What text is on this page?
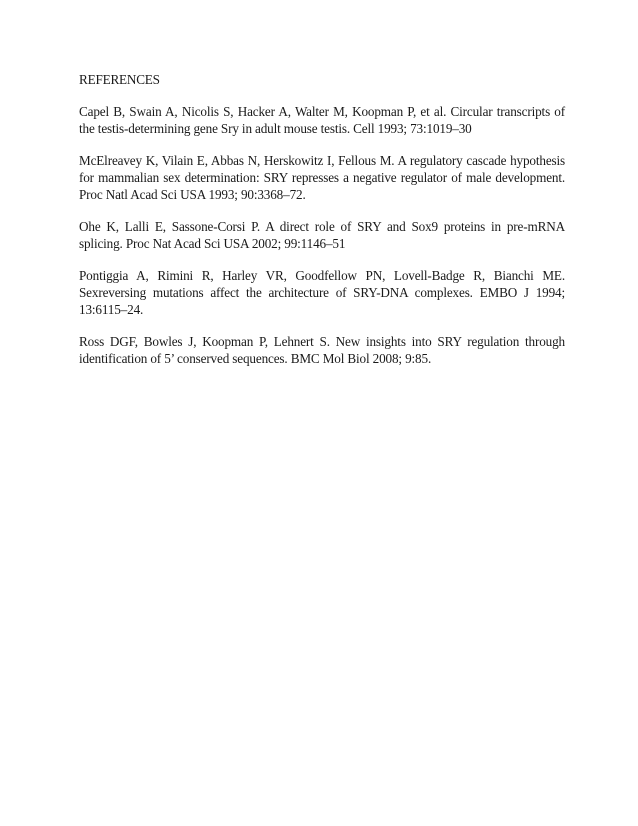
REFERENCES

Capel B, Swain A, Nicolis S, Hacker A, Walter M, Koopman P, et al. Circular transcripts of the testis-determining gene Sry in adult mouse testis. Cell 1993; 73:1019–30

McElreavey K, Vilain E, Abbas N, Herskowitz I, Fellous M. A regulatory cascade hypothesis for mammalian sex determination: SRY represses a negative regulator of male development. Proc Natl Acad Sci USA 1993; 90:3368–72.

Ohe K, Lalli E, Sassone-Corsi P. A direct role of SRY and Sox9 proteins in pre-mRNA splicing. Proc Nat Acad Sci USA 2002; 99:1146–51

Pontiggia A, Rimini R, Harley VR, Goodfellow PN, Lovell-Badge R, Bianchi ME. Sexreversing mutations affect the architecture of SRY-DNA complexes. EMBO J 1994; 13:6115–24.

Ross DGF, Bowles J, Koopman P, Lehnert S. New insights into SRY regulation through identification of 5’ conserved sequences. BMC Mol Biol 2008; 9:85.
